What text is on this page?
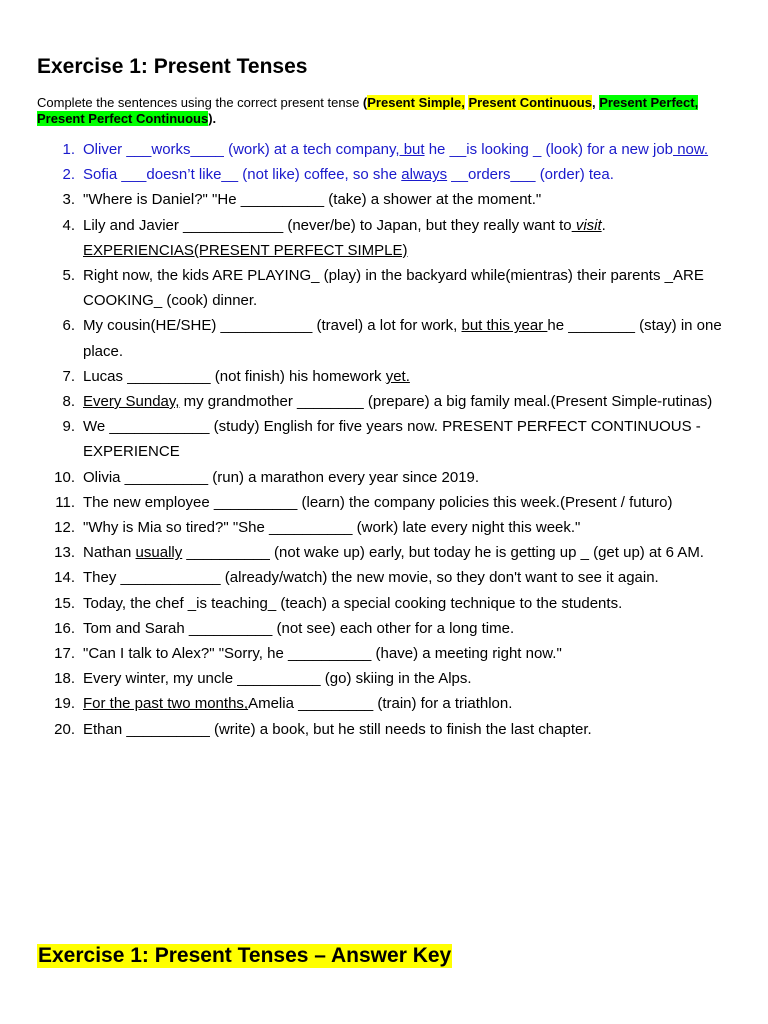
Exercise 1: Present Tenses
Complete the sentences using the correct present tense (Present Simple, Present Continuous, Present Perfect, Present Perfect Continuous).
1. Oliver ___works____ (work) at a tech company, but he __is looking _ (look) for a new job now.
2. Sofia ___doesn’t like__ (not like) coffee, so she always __orders___ (order) tea.
3. "Where is Daniel?" "He __________ (take) a shower at the moment."
4. Lily and Javier ____________ (never/be) to Japan, but they really want to visit.
EXPERIENCIAS(PRESENT PERFECT SIMPLE)
5. Right now, the kids ARE PLAYING_ (play) in the backyard while(mientras) their parents _ARE COOKING_ (cook) dinner.
6. My cousin(HE/SHE) ___________ (travel) a lot for work, but this year he ________ (stay) in one place.
7. Lucas __________ (not finish) his homework yet.
8. Every Sunday, my grandmother ________ (prepare) a big family meal.(Present Simple-rutinas)
9. We ____________ (study) English for five years now. PRESENT PERFECT CONTINUOUS - EXPERIENCE
10. Olivia __________ (run) a marathon every year since 2019.
11. The new employee __________ (learn) the company policies this week.(Present / futuro)
12. "Why is Mia so tired?" "She __________ (work) late every night this week."
13. Nathan usually __________ (not wake up) early, but today he is getting up _ (get up) at 6 AM.
14. They ____________ (already/watch) the new movie, so they don't want to see it again.
15. Today, the chef _is teaching_ (teach) a special cooking technique to the students.
16. Tom and Sarah __________ (not see) each other for a long time.
17. "Can I talk to Alex?" "Sorry, he __________ (have) a meeting right now."
18. Every winter, my uncle __________ (go) skiing in the Alps.
19. For the past two months,Amelia _________ (train) for a triathlon.
20. Ethan __________ (write) a book, but he still needs to finish the last chapter.
Exercise 1: Present Tenses – Answer Key
